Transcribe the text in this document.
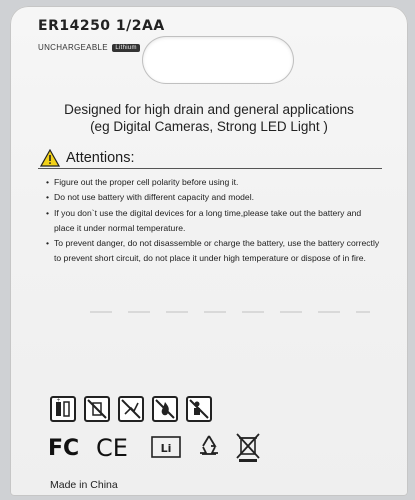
ER14250 1/2AA
UNCHARGEABLE Lithium
Designed for high drain and general applications
(eg Digital Cameras, Strong LED Light )
Attentions:
• Figure out the proper cell polarity before using it.
• Do not use battery with different capacity and model.
• If you don`t use the digital devices for a long time,please take out the battery and place it under normal temperature.
• To prevent danger, do not disassemble or charge the battery, use the battery correctly to prevent short circuit, do not place it under high temperature or dispose of in fire.
+
FC CE	Li
Made in China
